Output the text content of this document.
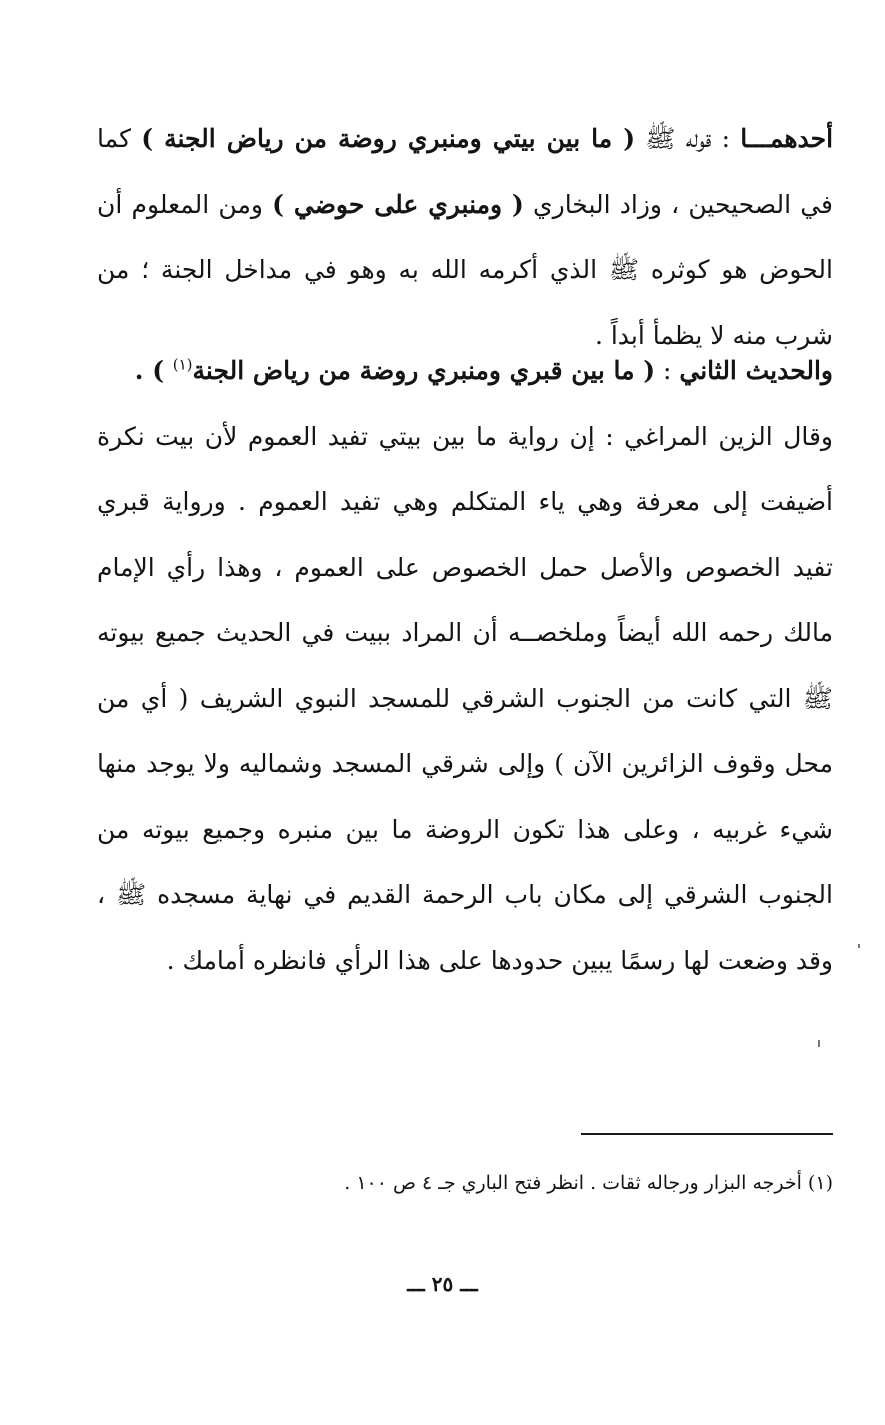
أحدهمـــا : قوله ﷺ ( ما بين بيتي ومنبري روضة من رياض الجنة ) كما في الصحيحين ، وزاد البخاري ( ومنبري على حوضي ) ومن المعلوم أن الحوض هو كوثره ﷺ الذي أكرمه الله به وهو في مداخل الجنة ؛ من شرب منه لا يظمأ أبداً .

والحديث الثاني : ( ما بين قبري ومنبري روضة من رياض الجنة$^{(١)}$ ) .
وقال الزين المراغي : إن رواية ما بين بيتي تفيد العموم لأن بيت نكرة أضيفت إلى معرفة وهي ياء المتكلم وهي تفيد العموم . ورواية قبري تفيد الخصوص والأصل حمل الخصوص على العموم ، وهذا رأي الإمام مالك رحمه الله أيضاً وملخصــه أن المراد ببيت في الحديث جميع بيوته ﷺ التي كانت من الجنوب الشرقي للمسجد النبوي الشريف ( أي من محل وقوف الزائرين الآن ) وإلى شرقي المسجد وشماليه ولا يوجد منها شيء غربيه ، وعلى هذا تكون الروضة ما بين منبره وجميع بيوته من الجنوب الشرقي إلى مكان باب الرحمة القديم في نهاية مسجده ﷺ ، وقد وضعت لها رسمًا يبين حدودها على هذا الرأي فانظره أمامك .

(١) أخرجه البزار ورجاله ثقات . انظر فتح الباري جـ ٤ ص ١٠٠ .
ـــ ٢٥ ـــ
